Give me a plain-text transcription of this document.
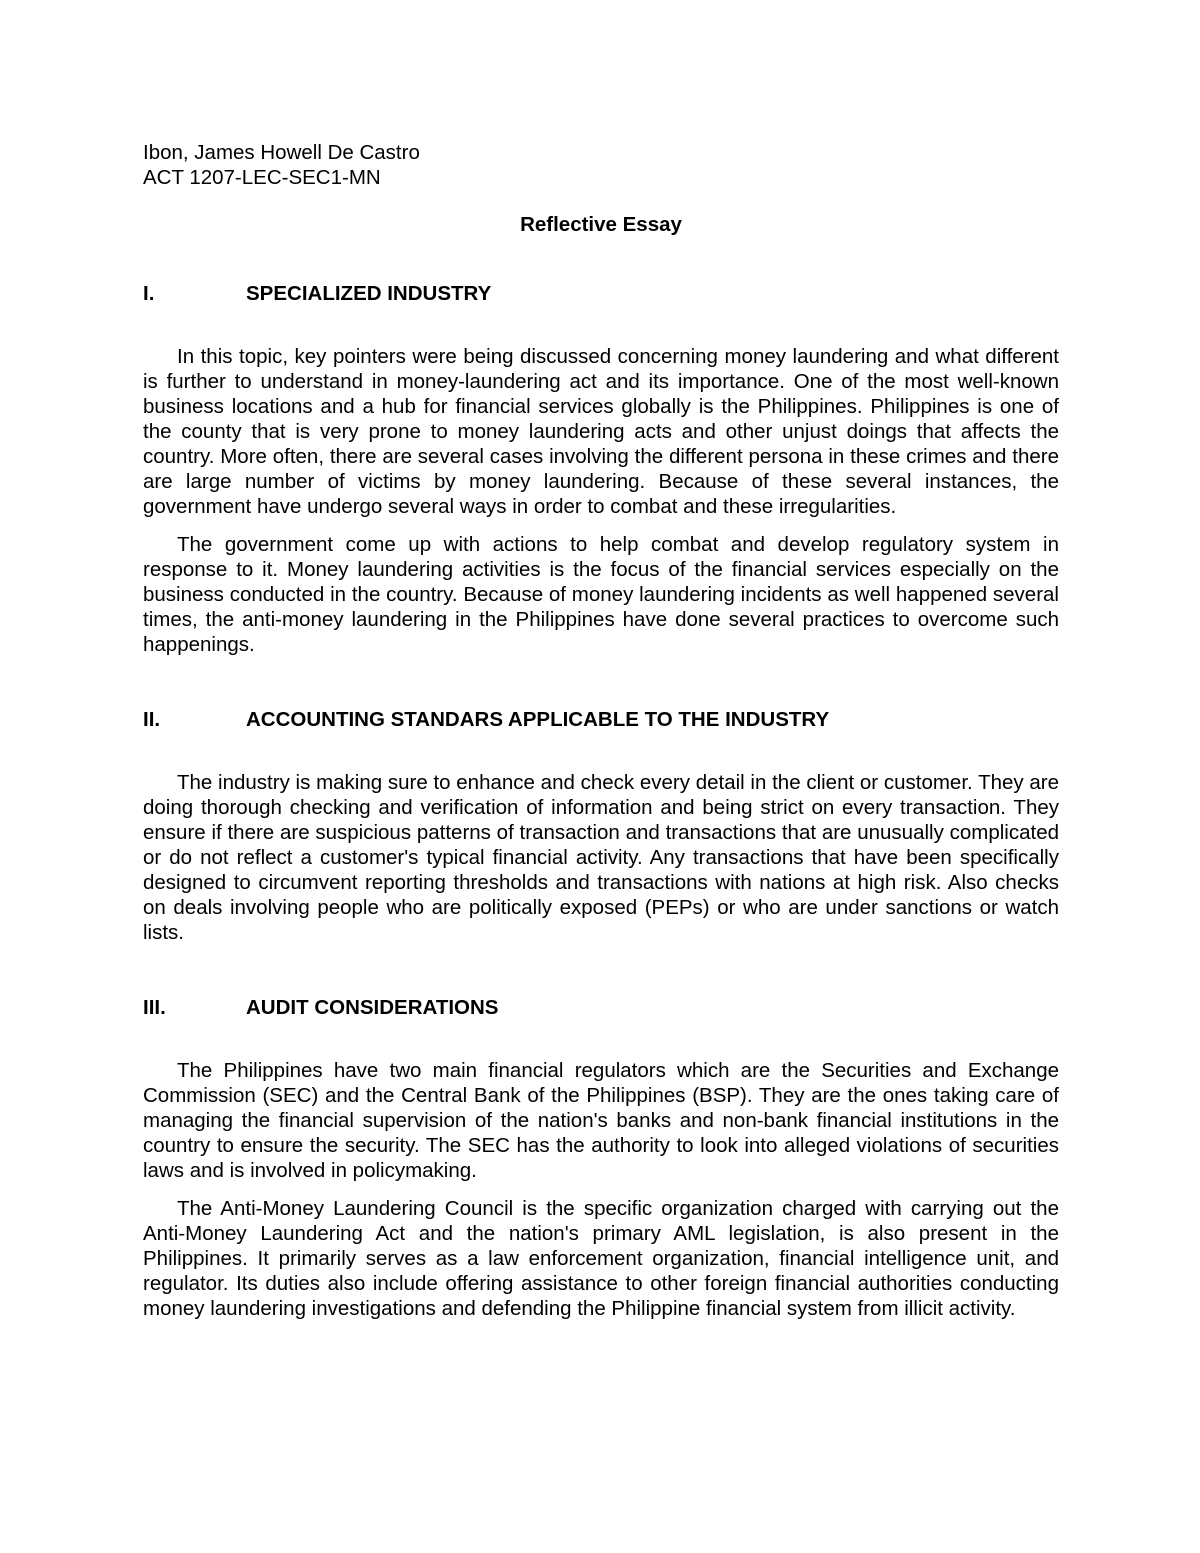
Ibon, James Howell De Castro

ACT 1207-LEC-SEC1-MN

Reflective Essay

I.	SPECIALIZED INDUSTRY

In this topic, key pointers were being discussed concerning money laundering and what different is further to understand in money-laundering act and its importance. One of the most well-known business locations and a hub for financial services globally is the Philippines. Philippines is one of the county that is very prone to money laundering acts and other unjust doings that affects the country. More often, there are several cases involving the different persona in these crimes and there are large number of victims by money laundering. Because of these several instances, the government have undergo several ways in order to combat and these irregularities.

The government come up with actions to help combat and develop regulatory system in response to it. Money laundering activities is the focus of the financial services especially on the business conducted in the country. Because of money laundering incidents as well happened several times, the anti-money laundering in the Philippines have done several practices to overcome such happenings.

II.	ACCOUNTING STANDARS APPLICABLE TO THE INDUSTRY

The industry is making sure to enhance and check every detail in the client or customer. They are doing thorough checking and verification of information and being strict on every transaction. They ensure if there are suspicious patterns of transaction and transactions that are unusually complicated or do not reflect a customer's typical financial activity. Any transactions that have been specifically designed to circumvent reporting thresholds and transactions with nations at high risk. Also checks on deals involving people who are politically exposed (PEPs) or who are under sanctions or watch lists.

III.	AUDIT CONSIDERATIONS

The Philippines have two main financial regulators which are the Securities and Exchange Commission (SEC) and the Central Bank of the Philippines (BSP). They are the ones taking care of managing the financial supervision of the nation's banks and non-bank financial institutions in the country to ensure the security. The SEC has the authority to look into alleged violations of securities laws and is involved in policymaking.

The Anti-Money Laundering Council is the specific organization charged with carrying out the Anti-Money Laundering Act and the nation's primary AML legislation, is also present in the Philippines. It primarily serves as a law enforcement organization, financial intelligence unit, and regulator. Its duties also include offering assistance to other foreign financial authorities conducting money laundering investigations and defending the Philippine financial system from illicit activity.
